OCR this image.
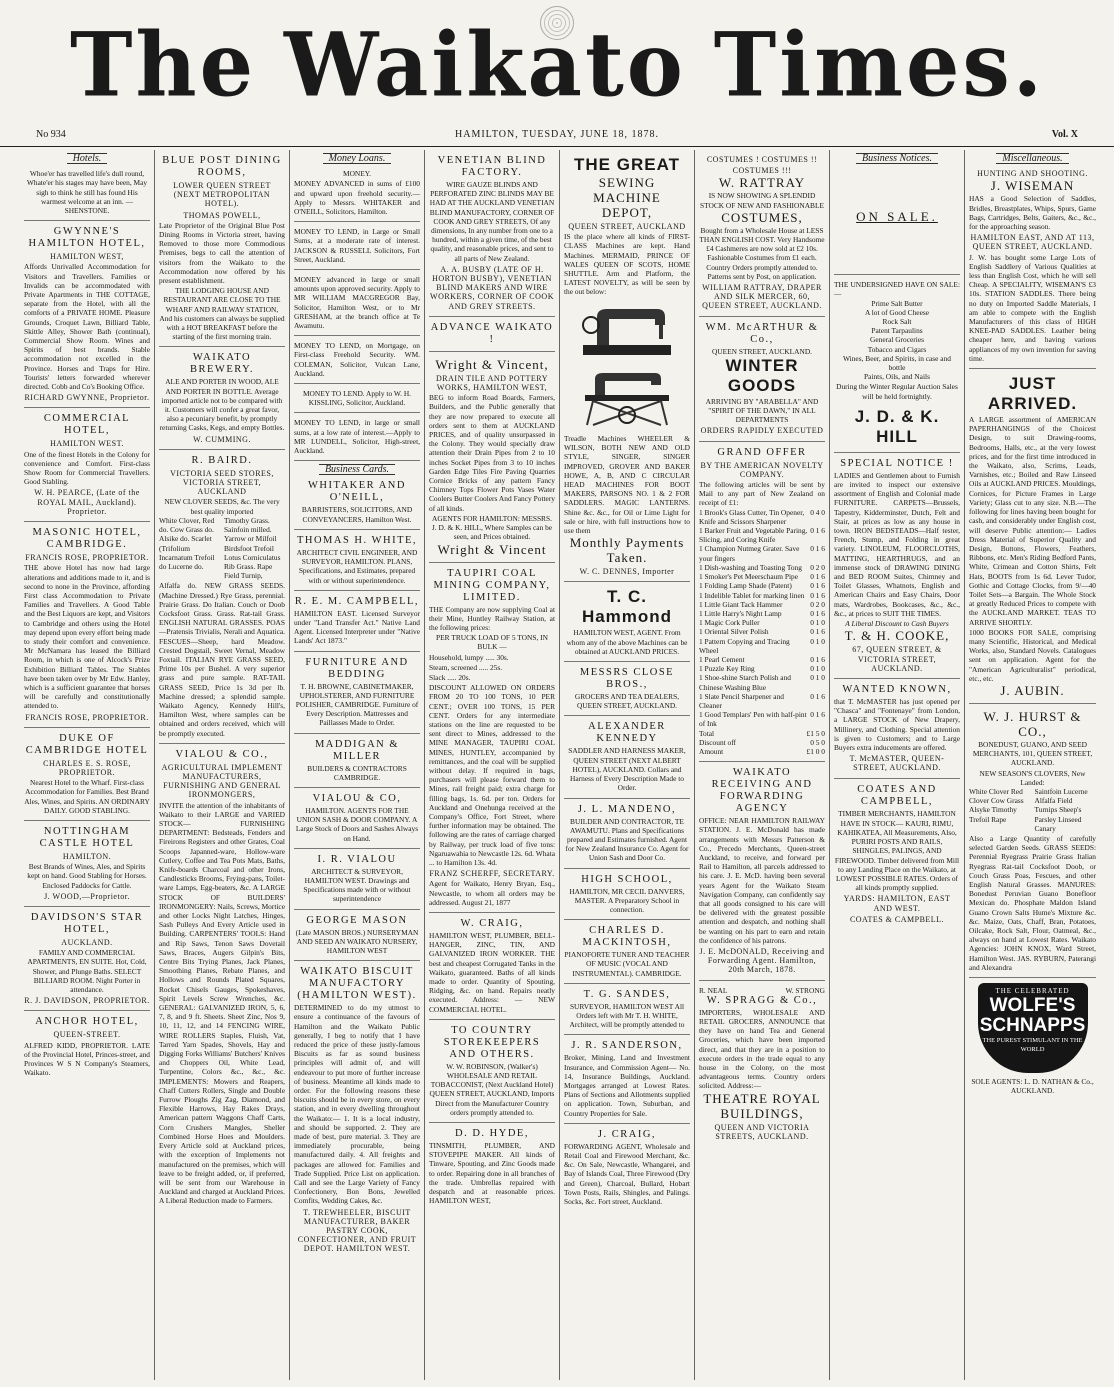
The Waikato Times.
No 934	HAMILTON, TUESDAY, JUNE 18, 1878.	Vol. X
Hotels.

Whoe'er has travelled life's dull round, Whate'er his stages may have been, May sigh to think he still has found His warmest welcome at an inn. —SHENSTONE.

GWYNNE'S HAMILTON HOTEL,
HAMILTON WEST,

Affords Unrivalled Accommodation for Visitors and Travellers. Families or Invalids can be accommodated with Private Apartments in THE COTTAGE, separate from the Hotel, with all the comforts of a PRIVATE HOME. Pleasure Grounds, Croquet Lawn, Billiard Table, Skittle Alley, Shower Bath (continual), Commercial Show Room. Wines and Spirits of best brands. Stable accommodation not excelled in the Province. Horses and Traps for Hire. Tourists' letters forwarded wherever directed. Cobb and Co's Booking Office.

RICHARD GWYNNE, Proprietor.
COMMERCIAL HOTEL,
HAMILTON WEST.

One of the finest Hotels in the Colony for convenience and Comfort. First-class Show Room for Commercial Travellers. Good Stabling.

W. H. PEARCE, (Late of the ROYAL MAIL, Auckland). Proprietor.
MASONIC HOTEL, CAMBRIDGE.
FRANCIS ROSE, PROPRIETOR.

THE above Hotel has now had large alterations and additions made to it, and is second to none in the Province, affording First class Accommodation to Private Families and Travellers. A Good Table and the Best Liquors are kept, and Visitors to Cambridge and others using the Hotel may depend upon every effort being made to study their comfort and convenience. Mr McNamara has leased the Billiard Room, in which is one of Alcock's Prize Exhibition Billiard Tables. The Stables have been taken over by Mr Edw. Hanley, which is a sufficient guarantee that horses will be carefully and constitutionally attended to.

FRANCIS ROSE, PROPRIETOR.
DUKE OF CAMBRIDGE HOTEL
CHARLES E. S. ROSE, PROPRIETOR.

Nearest Hotel to the Wharf. First-class Accommodation for Families. Best Brand Ales, Wines, and Spirits. AN ORDINARY DAILY. GOOD STABLING.

NOTTINGHAM CASTLE HOTEL
HAMILTON.

Best Brands of Wines, Ales, and Spirits kept on hand. Good Stabling for Horses. Enclosed Paddocks for Cattle.

J. WOOD,—Proprietor.
DAVIDSON'S STAR HOTEL,
AUCKLAND.

FAMILY AND COMMERCIAL APARTMENTS, EN SUITE. Hot, Cold, Shower, and Plunge Baths. SELECT BILLIARD ROOM. Night Porter in attendance.

R. J. DAVIDSON, PROPRIETOR.
ANCHOR HOTEL,
QUEEN-STREET.

ALFRED KIDD, PROPRIETOR. LATE of the Provincial Hotel, Princes-street, and Provinces W S N Company's Steamers, Waikato.

BLUE POST DINING ROOMS,
LOWER QUEEN STREET (NEXT METROPOLITAN HOTEL).
THOMAS POWELL,

Late Proprietor of the Original Blue Post Dining Rooms in Victoria street, having Removed to those more Commodious Premises, begs to call the attention of visitors from the Waikato to the Accommodation now offered by his present establishment.

THE LODGING HOUSE AND RESTAURANT ARE CLOSE TO THE WHARF AND RAILWAY STATION, And his customers can always be supplied with a HOT BREAKFAST before the starting of the first morning train.

WAIKATO BREWERY.

ALE AND PORTER IN WOOD, ALE AND PORTER IN BOTTLE. Average imported article not to be compared with it. Customers will confer a great favor, also a pecuniary benefit, by promptly returning Casks, Kegs, and empty Bottles.

W. CUMMING.
R. BAIRD.
VICTORIA SEED STORES, VICTORIA STREET, AUCKLAND

NEW CLOVER SEEDS, &c. The very best quality imported

White Clover, Red do. Cow Grass do. Alsike do. Scarlet (Trifolium Incarnatum Trefoil do Lucerne do.
Timothy Grass. Sainfoin milled. Yarrow or Milfoil Birdsfoot Trefoil Lotus Corniculatus Rib Grass. Rape Field Turnip,

Alfalfa do. NEW GRASS SEEDS. (Machine Dressed.) Rye Grass, perennial. Prairie Grass. Do Italian. Couch or Doob Cocksfoot Grass. Grass. Rat-tail Grass. ENGLISH NATURAL GRASSES. POAS—Pratensis Trivialis, Nerali and Aquatica. FESCUES—Sheep, hard Meadow. Crested Dogstail, Sweet Vernal, Meadow Foxtail. ITALIAN RYE GRASS SEED, Prime 10s per Bushel. A very superior grass and pure sample. RAT-TAIL GRASS SEED, Price 1s 3d per lb. Machine dressed; a splendid sample. Waikato Agency, Kennedy Hill's, Hamilton West, where samples can be obtained and orders received, which will be promptly executed.

VIALOU & CO.,
AGRICULTURAL IMPLEMENT MANUFACTURERS, FURNISHING AND GENERAL IRONMONGERS,

INVITE the attention of the inhabitants of Waikato to their LARGE and VARIED STOCK— FURNISHING DEPARTMENT: Bedsteads, Fenders and Fireirons Registers and other Grates, Coal Scoops Japanned-ware, Hollow-ware Cutlery, Coffee and Tea Pots Mats, Baths, Knife-boards Charcoal and other Irons, Candlesticks Brooms, Frying-pans, Toilet-ware Lamps, Egg-beaters, &c. A LARGE STOCK OF BUILDERS' IRONMONGERY: Nails, Screws, Mortice and other Locks Night Latches, Hinges, Sash Pulleys And Every Article used in Building. CARPENTERS' TOOLS: Hand and Rip Saws, Tenon Saws Dovetail Saws, Braces, Augers Gilpin's Bits, Centre Bits Trying Planes, Jack Planes, Smoothing Planes, Rebate Planes, and Hollows and Rounds Plated Squares, Rocket Chisels Gauges, Spokeshaves, Spirit Levels Screw Wrenches, &c. GENERAL: GALVANIZED IRON, 5, 6, 7, 8, and 9 ft. Sheets. Sheet Zinc, Nos 9, 10, 11, 12, and 14 FENCING WIRE, WIRE ROLLERS Staples, Fluish, Vat, Tarred Yarn Spades, Shovels, Hay and Digging Forks Williams' Butchers' Knives and Choppers Oil, White Lead, Turpentine, Colors &c., &c., &c. IMPLEMENTS: Mowers and Reapers, Chaff Cutters Rollers, Single and Double Furrow Ploughs Zig Zag, Diamond, and Flexible Harrows, Hay Rakes Drays, American pattern Waggons Chaff Carts, Corn Crushers Mangles, Sheller Combined Horse Hoes and Moulders. Every Article sold at Auckland prices, with the exception of Implements not manufactured on the premises, which will leave to be freight added, or, if preferred, will be sent from our Warehouse in Auckland and charged at Auckland Prices. A Liberal Reduction made to Farmers.

Money Loans.

MONEY.

MONEY ADVANCED in sums of £100 and upward upon freehold security.—Apply to Messrs. WHITAKER and O'NEILL, Solicitors, Hamilton.

MONEY TO LEND, in Large or Small Sums, at a moderate rate of interest. JACKSON & RUSSELL Solicitors, Fort Street, Auckland.

MONEY advanced in large or small amounts upon approved security. Apply to MR WILLIAM MACGREGOR Bay, Solicitor, Hamilton West, or to Mr GRESHAM, at the branch office at Te Awamutu.

MONEY TO LEND, on Mortgage, on First-class Freehold Security. WM. COLEMAN, Solicitor, Vulcan Lane, Auckland.

MONEY TO LEND. Apply to W. H. KISSLING, Solicitor, Auckland.

MONEY TO LEND, in large or small sums, at a low rate of interest.—Apply to MR LUNDELL, Solicitor, High-street, Auckland.

Business Cards.
WHITAKER AND O'NEILL,

BARRISTERS, SOLICITORS, AND CONVEYANCERS, Hamilton West.

THOMAS H. WHITE,

ARCHITECT CIVIL ENGINEER, AND SURVEYOR, HAMILTON. PLANS, Specifications, and Estimates, prepared with or without superintendence.

R. E. M. CAMPBELL,

HAMILTON EAST. Licensed Surveyor under "Land Transfer Act." Native Land Agent. Licensed Interpreter under "Native Lands' Act 1873."

FURNITURE AND BEDDING

T. H. BROWNE, CABINETMAKER, UPHOLSTERER, AND FURNITURE POLISHER, CAMBRIDGE. Furniture of Every Description. Mattresses and Paillasses Made to Order.

MADDIGAN & MILLER

BUILDERS & CONTRACTORS CAMBRIDGE.

VIALOU & CO,

HAMILTON. AGENTS FOR THE UNION SASH & DOOR COMPANY. A Large Stock of Doors and Sashes Always on Hand.

I. R. VIALOU

ARCHITECT & SURVEYOR, HAMILTON WEST. Drawings and Specifications made with or without superintendence

GEORGE MASON

(Late MASON BROS.) NURSERYMAN AND SEED AN WAIKATO NURSERY, HAMILTON WEST

WAIKATO BISCUIT MANUFACTORY (HAMILTON WEST).

DETERMINED to do my utmost to ensure a continuance of the favours of Hamilton and the Waikato Public generally, I beg to notify that I have reduced the price of these justly-famous Biscuits as far as sound business principles will admit of, and will endeavour to put more of further increase of business. Meantime all kinds made to order. For the following reasons these biscuits should be in every store, on every station, and in every dwelling throughout the Waikato:— 1. It is a local industry, and should be supported. 2. They are made of best, pure material. 3. They are immediately procurable, being manufactured daily. 4. All freights and packages are allowed for. Families and Trade Supplied. Price List on application. Call and see the Large Variety of Fancy Confectionery, Bon Bons, Jewelled Comfits, Wedding Cakes, &c.

T. TREWHEELER, BISCUIT MANUFACTURER, BAKER PASTRY COOK, CONFECTIONER, AND FRUIT DEPOT. HAMILTON WEST.
VENETIAN BLIND FACTORY.

WIRE GAUZE BLINDS AND PERFORATED ZINC BLINDS MAY BE HAD AT THE AUCKLAND VENETIAN BLIND MANUFACTORY, CORNER OF COOK AND GREY STREETS, Of any dimensions, In any number from one to a hundred, within a given time, of the best quality, and reasonable prices, and sent to all parts of New Zealand.

A. A. BUSBY (LATE OF H. HORTON BUSBY), VENETIAN BLIND MAKERS AND WIRE WORKERS, CORNER OF COOK AND GREY STREETS.
ADVANCE WAIKATO !
Wright & Vincent,
DRAIN TILE AND POTTERY WORKS, HAMILTON WEST,

BEG to inform Road Boards, Farmers, Builders, and the Public generally that they are now prepared to execute all orders sent to them at AUCKLAND PRICES, and of quality unsurpassed in the Colony. They would specially draw attention their Drain Pipes from 2 to 10 inches Socket Pipes from 3 to 10 inches Garden Edge Tiles Fire Paving Quarries Cornice Bricks of any pattern Fancy Chimney Tops Flower Pots Vases Water Coolers Butter Coolers And Fancy Pottery of all kinds.

AGENTS FOR HAMILTON: MESSRS. J. D. & K. HILL, Where Samples can be seen, and Prices obtained.

Wright & Vincent
TAUPIRI COAL MINING COMPANY, LIMITED.

THE Company are now supplying Coal at their Mine, Huntley Railway Station, at the following prices:

PER TRUCK LOAD OF 5 TONS, IN BULK —

Household, lumpy ..... 30s.

Steam, screened ..... 25s.

Slack ..... 20s.

DISCOUNT ALLOWED ON ORDERS FROM 20 TO 100 TONS, 10 PER CENT.; OVER 100 TONS, 15 PER CENT. Orders for any intermediate stations on the line are requested to be sent direct to Mines, addressed to the MINE MANAGER, TAUPIRI COAL MINES, HUNTLEY, accompanied by remittances, and the coal will be supplied without delay. If required in bags, purchasers will please forward them to Mines, rail freight paid; extra charge for filling bags, 1s. 6d. per ton. Orders for Auckland and Onehunga received at the Company's Office, Fort Street, where further information may be obtained. The following are the rates of carriage charged by Railway, per truck load of five tons: Ngaruawahia to Newcastle 12s. 6d. Whata ... to Hamilton 13s. 4d.

FRANZ SCHERFF, SECRETARY.

Agent for Waikato, Henry Bryan, Esq., Newcastle, to whom all orders may be addressed. August 21, 1877

W. CRAIG,

HAMILTON WEST, PLUMBER, BELL-HANGER, ZINC, TIN, AND GALVANIZED IRON WORKER. THE best and cheapest Corrugated Tanks in the Waikato, guaranteed. Baths of all kinds made to order. Quantity of Spouting, Ridging, &c. on hand. Repairs neatly executed. Address: — NEW COMMERCIAL HOTEL.

TO COUNTRY STOREKEEPERS AND OTHERS.

W. W. ROBINSON, (Walker's) WHOLESALE AND RETAIL TOBACCONIST, (Next Auckland Hotel) QUEEN STREET, AUCKLAND, Imports Direct from the Manufacturer Country orders promptly attended to.

D. D. HYDE,

TINSMITH, PLUMBER, AND STOVEPIPE MAKER. All kinds of Tinware, Spouting, and Zinc Goods made to order. Repairing done in all branches of the trade. Umbrellas repaired with despatch and at reasonable prices. HAMILTON WEST,

THE GREAT
SEWING MACHINE
DEPOT,
QUEEN STREET, AUCKLAND

IS the place where all kinds of FIRST-CLASS Machines are kept. Hand Machines. MERMAID, PRINCE OF WALES QUEEN OF SCOTS, HOME SHUTTLE. Arm and Platform, the LATEST NOVELTY, as will be seen by the out below:

Treadle Machines WHEELER & WILSON, BOTH NEW AND OLD STYLE, SINGER, SINGER IMPROVED, GROVER AND BAKER HOWE, A, B, AND C CIRCULAR HEAD MACHINES FOR BOOT MAKERS, PARSONS NO. 1 & 2 FOR SADDLERS. MAGIC LANTERNS. Shine &c. &c., for Oil or Lime Light for sale or hire, with full instructions how to use them

Monthly Payments Taken.
W. C. DENNES, Importer
T. C. Hammond

HAMILTON WEST, AGENT. From whom any of the above Machines can be obtained at AUCKLAND PRICES.

MESSRS CLOSE BROS.,

GROCERS AND TEA DEALERS, QUEEN STREET, AUCKLAND.

ALEXANDER KENNEDY

SADDLER AND HARNESS MAKER, QUEEN STREET (NEXT ALBERT HOTEL), AUCKLAND. Collars and Harness of Every Description Made to Order.

J. L. MANDENO,

BUILDER AND CONTRACTOR, TE AWAMUTU. Plans and Specifications prepared and Estimates furnished. Agent for New Zealand Insurance Co. Agent for Union Sash and Door Co.

HIGH SCHOOL,

HAMILTON, MR CECIL DANVERS, MASTER. A Preparatory School in connection.

CHARLES D. MACKINTOSH,

PIANOFORTE TUNER AND TEACHER OF MUSIC (VOCAL AND INSTRUMENTAL). CAMBRIDGE.

T. G. SANDES,

SURVEYOR, HAMILTON WEST All Orders left with Mr T. H. WHITE, Architect, will be promptly attended to

J. R. SANDERSON,

Broker, Mining, Land and Investment Insurance, and Commission Agent— No. 14, Insurance Buildings, Auckland. Mortgages arranged at Lowest Rates. Plans of Sections and Allotments supplied on application. Town, Suburban, and Country Properties for Sale.

J. CRAIG,

FORWARDING AGENT, Wholesale and Retail Coal and Firewood Merchant, &c. &c. On Sale, Newcastle, Whangarei, and Bay of Islands Coal, Three Firewood (Dry and Green), Charcoal, Bullard, Hobart Town Posts, Rails, Shingles, and Palings. Socks, &c. Fort street, Auckland.

COSTUMES ! COSTUMES !!
COSTUMES !!!
W. RATTRAY

IS NOW SHOWING A SPLENDID STOCK OF NEW AND FASHIONABLE

COSTUMES,

Bought from a Wholesale House at LESS THAN ENGLISH COST. Very Handsome £4 Cashmeres are now sold at £2 10s. Fashionable Costumes from £1 each. Country Orders promptly attended to. Patterns sent by Post, on application.

WILLIAM RATTRAY, DRAPER AND SILK MERCER, 60, QUEEN STREET, AUCKLAND.
WM. McARTHUR & Co.,

QUEEN STREET, AUCKLAND.

WINTER GOODS

ARRIVING BY "ARABELLA" AND "SPIRIT OF THE DAWN," IN ALL DEPARTMENTS

ORDERS RAPIDLY EXECUTED
GRAND OFFER
BY THE AMERICAN NOVELTY COMPANY.

The following articles will be sent by Mail to any part of New Zealand on receipt of £1:

1 Brook's Glass Cutter, Tin Opener, Knife and Scissors Sharpener
0 4 0
1 Barker Fruit and Vegetable Paring, Slicing, and Coring Knife
0 1 6
1 Champion Nutmeg Grater. Save your fingers
0 1 6
1 Dish-washing and Toasting Tong	0 2 0
1 Smoker's Pet Meerschaum Pipe	0 1 6
1 Folding Lamp Shade (Patent)	0 1 6
1 Indelible Tablet for marking linen 0 1 6
1 Little Giant Tack Hammer	0 2 0
1 Little Harry's Night Lamp	0 1 6
1 Magic Cork Puller	0 1 0
1 Oriental Silver Polish	0 1 6
1 Pattern Copying and Tracing Wheel
0 1 0
1 Pearl Cement	0 1 6
1 Puzzle Key Ring	0 1 0
1 Shoe-shine Starch Polish and Chinese Washing Blue
0 1 0
1 Slate Pencil Sharpener and Cleaner
0 1 6
1 Good Templars' Pen with half-pint of Ink
0 1 6
Total	£1 5 0
Discount off	0 5 0
Amount	£1 0 0
WAIKATO RECEIVING AND FORWARDING AGENCY

OFFICE: NEAR HAMILTON RAILWAY STATION. J. E. McDonald has made arrangements with Messrs Patterson & Co., Precedo Merchants, Queen-street Auckland, to receive, and forward per Rail to Hamilton, all parcels addressed to his care. J. E. McD. having been several years Agent for the Waikato Steam Navigation Company, can confidently say that all goods consigned to his care will be delivered with the greatest possible attention and despatch, and nothing shall be wanting on his part to earn and retain the confidence of his patrons.

J. E. McDONALD, Receiving and Forwarding Agent. Hamilton, 20th March, 1878.
R. NEAL	W. STRONG
W. SPRAGG & Co.,

IMPORTERS, WHOLESALE AND RETAIL GROCERS, ANNOUNCE that they have on hand Tea and General Groceries, which have been imported direct, and that they are in a position to execute orders in the trade equal to any house in the Colony, on the most advantageous terms. Country orders solicited. Address:—

THEATRE ROYAL BUILDINGS,
QUEEN AND VICTORIA STREETS, AUCKLAND.
Business Notices.
ON SALE.

THE UNDERSIGNED HAVE ON SALE:—

Prime Salt Butter
A lot of Good Cheese
Rock Salt
Patent Tarpaulins
General Groceries
Tobacco and Cigars
Wines, Beer, and Spirits, in case and bottle
Paints, Oils, and Nails

During the Winter Regular Auction Sales will be held fortnightly.

J. D. & K. HILL
SPECIAL NOTICE !

LADIES and Gentlemen about to Furnish are invited to inspect our extensive assortment of English and Colonial made FURNITURE. CARPETS—Brussels, Tapestry, Kidderminster, Dutch, Felt and Stair, at prices as low as any house in town. IRON BEDSTEADS—Half tester, French, Stump, and Folding in great variety. LINOLEUM, FLOORCLOTHS, MATTING, HEARTHRUGS, and an immense stock of DRAWING DINING and BED ROOM Suites, Chimney and Toilet Glasses, Whatnots, English and American Chairs and Easy Chairs, Door mats, Wardrobes, Bookcases, &c., &c., &c., at prices to SUIT THE TIMES.

A Liberal Discount to Cash Buyers

T. & H. COOKE,
67, QUEEN STREET, & VICTORIA STREET, AUCKLAND.
WANTED KNOWN,

that T. McMASTER has just opened per "Chasca" and "Fontenaye" from London, a LARGE STOCK of New Drapery, Millinery, and Clothing. Special attention is given to Customers; and to Large Buyers extra inducements are offered.

T. McMASTER, QUEEN-STREET, AUCKLAND.
COATES AND CAMPBELL,

TIMBER MERCHANTS, HAMILTON

HAVE IN STOCK— KAURI, RIMU, KAHIKATEA, All Measurements, Also, PURIRI POSTS AND RAILS, SHINGLES, PALINGS, AND FIREWOOD. Timber delivered from Mill to any Landing Place on the Waikato, at LOWEST POSSIBLE RATES. Orders of all kinds promptly supplied.

YARDS: HAMILTON, EAST AND WEST.
COATES & CAMPBELL.
Miscellaneous.
HUNTING AND SHOOTING.
J. WISEMAN

HAS a Good Selection of Saddles, Bridles, Breastplates, Whips, Spurs, Game Bags, Cartridges, Belts, Gaiters, &c., &c., for the approaching season.

HAMILTON EAST, AND AT 113, QUEEN STREET, AUCKLAND.

J. W. has bought some Large Lots of English Saddlery of Various Qualities at less than English Cost, which he will sell Cheap. A SPECIALITY, WISEMAN'S £3 10s. STATION SADDLES. There being no duty on Imported Saddle Materials, I am able to compete with the English Manufacturers of this class of HIGH KNEE-PAD SADDLES. Leather being cheaper here, and having various appliances of my own invention for saving time.

JUST ARRIVED.

A LARGE assortment of AMERICAN PAPERHANGINGS of the Choicest Design, to suit Drawing-rooms, Bedrooms, Halls, etc., at the very lowest prices, and for the first time introduced in the Waikato, also, Scrims, Leads, Varnishes, etc.; Boiled and Raw Linseed Oils at AUCKLAND PRICES. Mouldings, Cornices, for Picture Frames in Large Variety; Glass cut to any size. N.B.—The following for lines having been bought for cash, and considerably under English cost, will deserve Public attention:— Ladies Dress Material of Superior Quality and Design, Buttons, Flowers, Feathers, Ribbons, etc. Men's Riding Bedford Pants, White, Crimean and Cotton Shirts, Felt Hats, BOOTS from 1s 6d. Lever Tudor, Gothic and Cottage Clocks, from 9/—40 Toilet Sets—a Bargain. The Whole Stock at greatly Reduced Prices to compete with the AUCKLAND MARKET. TEAS TO ARRIVE SHORTLY.

1000 BOOKS FOR SALE, comprising many Scientific, Historical, and Medical Works, also, Standard Novels. Catalogues sent on application. Agent for the "American Agriculturalist" periodical, etc., etc.

J. AUBIN.
W. J. HURST & CO.,

BONEDUST, GUANO, AND SEED MERCHANTS, 101, QUEEN STREET, AUCKLAND.

NEW SEASON'S CLOVERS, New Landed:

White Clover Red Clover Cow Grass Alsyke Timothy Trefoil Rape
Saintfoin Lucerne Alfalfa Field Turnips Sheep's Parsley Linseed Canary

Also a Large Quantity of carefully selected Garden Seeds. GRASS SEEDS: Perennial Ryegrass Prairie Grass Italian Ryegrass Rat-tail Cocksfoot Doob, or Couch Grass Poas, Fescues, and other English Natural Grasses. MANURES: Bonedust Peruvian Guano Bonefloor Mexican do. Phosphate Maldon Island Guano Crown Salts Hume's Mixture &c. &c. Maize, Oats, Chaff, Bran, Potatoes, Oilcake, Rock Salt, Flour, Oatmeal, &c., always on hand at Lowest Rates. Waikato Agencies: JOHN KNOX, Ward Street, Hamilton West. JAS. RYBURN, Paterangi and Alexandra

THE CELEBRATED
WOLFE'S SCHNAPPS
THE PUREST STIMULANT IN THE WORLD

SOLE AGENTS: L. D. NATHAN & Co., AUCKLAND.
